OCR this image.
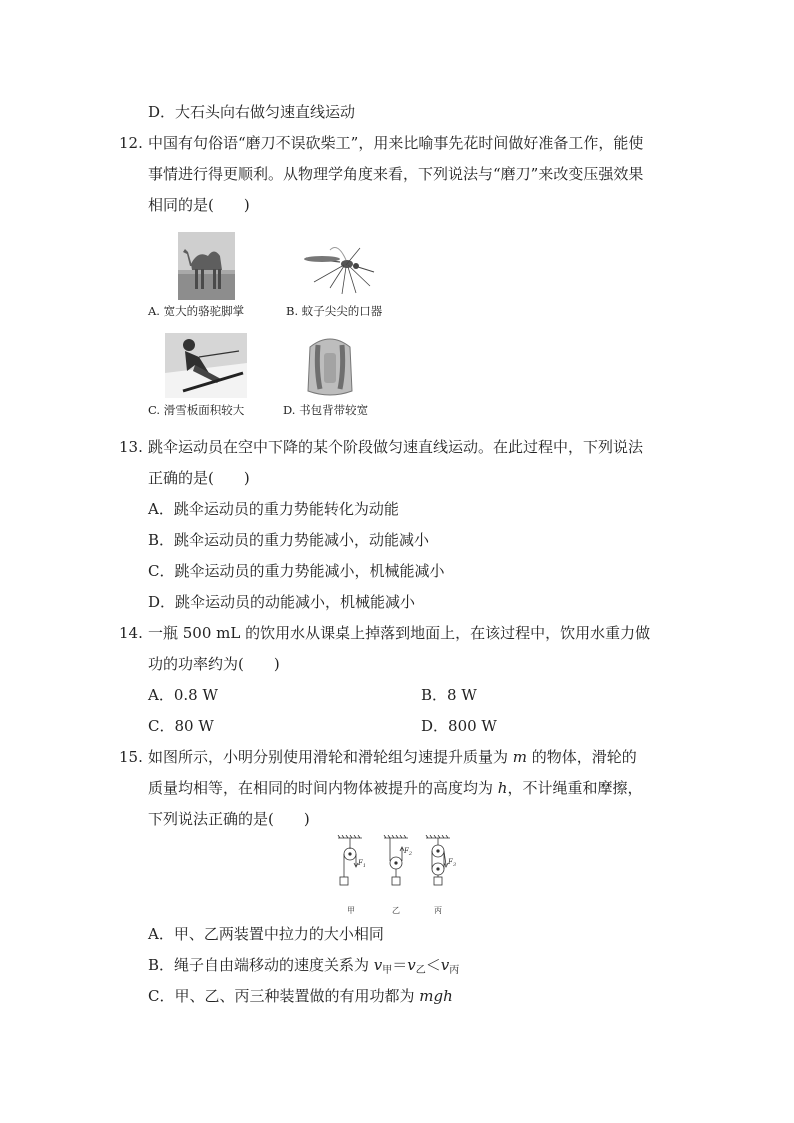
D．大石头向右做匀速直线运动
12. 中国有句俗语“磨刀不误砍柴工”，用来比喻事先花时间做好准备工作，能使
事情进行得更顺利。从物理学角度来看，下列说法与“磨刀”来改变压强效果
相同的是(　　)
A. 宽大的骆驼脚掌	B. 蚊子尖尖的口器
C. 滑雪板面积较大	D. 书包背带较宽
13. 跳伞运动员在空中下降的某个阶段做匀速直线运动。在此过程中，下列说法
正确的是(　　)
A．跳伞运动员的重力势能转化为动能
B．跳伞运动员的重力势能减小，动能减小
C．跳伞运动员的重力势能减小，机械能减小
D．跳伞运动员的动能减小，机械能减小
14. 一瓶 500 mL 的饮用水从课桌上掉落到地面上，在该过程中，饮用水重力做
功的功率约为(　　)
A．0.8 W	B．8 W
C．80 W	D．800 W
15. 如图所示，小明分别使用滑轮和滑轮组匀速提升质量为 m 的物体，滑轮的
质量均相等，在相同的时间内物体被提升的高度均为 h，不计绳重和摩擦，
下列说法正确的是(　　)
$F_1$
$F_2$
$F_3$
甲	乙	丙
A．甲、乙两装置中拉力的大小相同
B．绳子自由端移动的速度关系为 $v_甲=v_乙<v_丙$
C．甲、乙、丙三种装置做的有用功都为 mgh
